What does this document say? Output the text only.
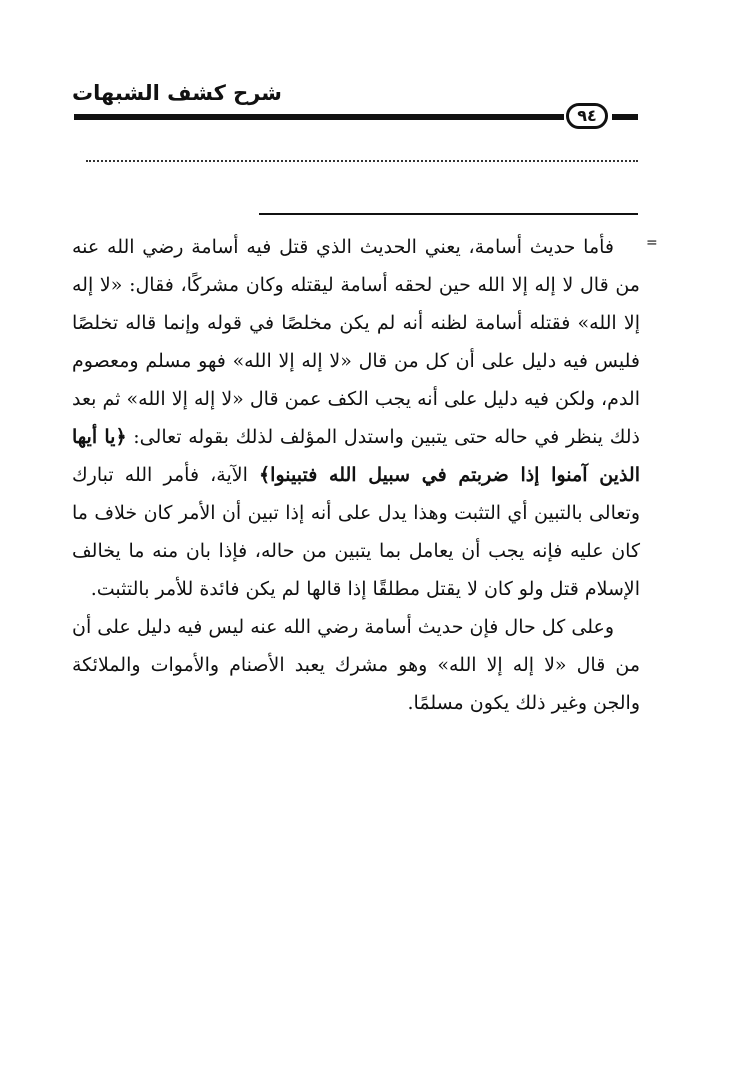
شرح كشف الشبهات
٩٤
=

فأما حديث أسامة، يعني الحديث الذي قتل فيه أسامة رضي الله عنه من قال لا إله إلا الله حين لحقه أسامة ليقتله وكان مشركًا، فقال: «لا إله إلا الله» فقتله أسامة لظنه أنه لم يكن مخلصًا في قوله وإنما قاله تخلصًا فليس فيه دليل على أن كل من قال «لا إله إلا الله» فهو مسلم ومعصوم الدم، ولكن فيه دليل على أنه يجب الكف عمن قال «لا إله إلا الله» ثم بعد ذلك ينظر في حاله حتى يتبين واستدل المؤلف لذلك بقوله تعالى: ﴿يا أيها الذين آمنوا إذا ضربتم في سبيل الله فتبينوا﴾ الآية، فأمر الله تبارك وتعالى بالتبين أي التثبت وهذا يدل على أنه إذا تبين أن الأمر كان خلاف ما كان عليه فإنه يجب أن يعامل بما يتبين من حاله، فإذا بان منه ما يخالف الإسلام قتل ولو كان لا يقتل مطلقًا إذا قالها لم يكن فائدة للأمر بالتثبت.

وعلى كل حال فإن حديث أسامة رضي الله عنه ليس فيه دليل على أن من قال «لا إله إلا الله» وهو مشرك يعبد الأصنام والأموات والملائكة والجن وغير ذلك يكون مسلمًا.
